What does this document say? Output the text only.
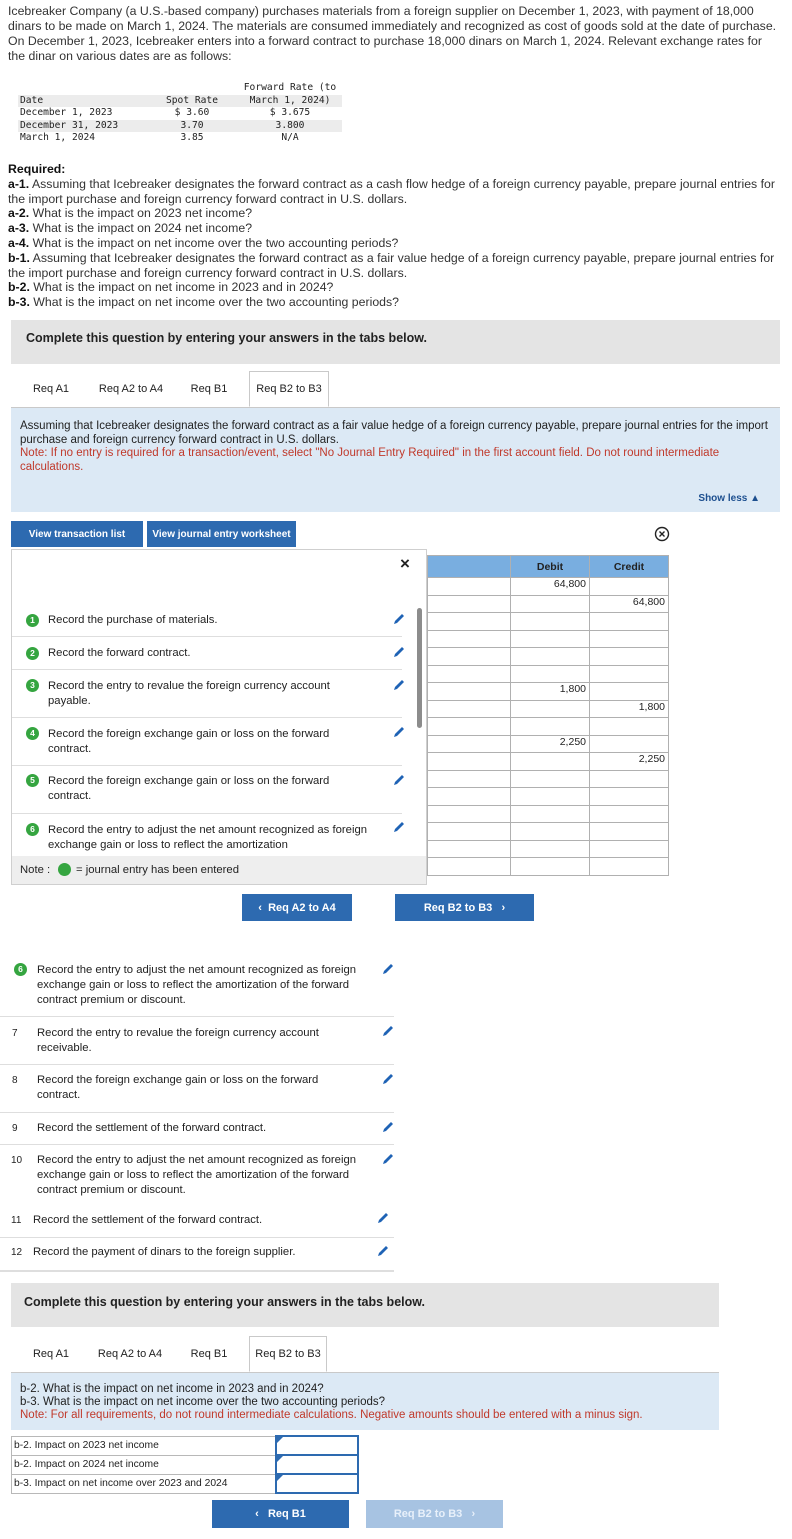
Icebreaker Company (a U.S.-based company) purchases materials from a foreign supplier on December 1, 2023, with payment of 18,000 dinars to be made on March 1, 2024. The materials are consumed immediately and recognized as cost of goods sold at the date of purchase. On December 1, 2023, Icebreaker enters into a forward contract to purchase 18,000 dinars on March 1, 2024. Relevant exchange rates for the dinar on various dates are as follows:
		Forward Rate (to
Date	Spot Rate	March 1, 2024)
December 1, 2023	$ 3.60	$ 3.675
December 31, 2023	3.70	3.800
March 1, 2024	3.85	N/A
Required:
a-1. Assuming that Icebreaker designates the forward contract as a cash flow hedge of a foreign currency payable, prepare journal entries for the import purchase and foreign currency forward contract in U.S. dollars.
a-2. What is the impact on 2023 net income?
a-3. What is the impact on 2024 net income?
a-4. What is the impact on net income over the two accounting periods?
b-1. Assuming that Icebreaker designates the forward contract as a fair value hedge of a foreign currency payable, prepare journal entries for the import purchase and foreign currency forward contract in U.S. dollars.
b-2. What is the impact on net income in 2023 and in 2024?
b-3. What is the impact on net income over the two accounting periods?
Complete this question by entering your answers in the tabs below.
Req A1	Req A2 to A4	Req B1	Req B2 to B3
Assuming that Icebreaker designates the forward contract as a fair value hedge of a foreign currency payable, prepare journal entries for the import purchase and foreign currency forward contract in U.S. dollars.
Note: If no entry is required for a transaction/event, select "No Journal Entry Required" in the first account field. Do not round intermediate calculations.
Show less ▲
View transaction list	View journal entry worksheet
×
1	Record the purchase of materials.
2	Record the forward contract.
3	Record the entry to revalue the foreign currency account payable.
4	Record the foreign exchange gain or loss on the forward contract.
5	Record the foreign exchange gain or loss on the forward contract.
6	Record the entry to adjust the net amount recognized as foreign exchange gain or loss to reflect the amortization
Note : = journal entry has been entered
	Debit	Credit
	64,800	
		64,800

	1,800	
		1,800

	2,250	
		2,250

‹ Req A2 to A4	Req B2 to B3 ›
6	Record the entry to adjust the net amount recognized as foreign exchange gain or loss to reflect the amortization of the forward contract premium or discount.
7 Record the entry to revalue the foreign currency account receivable.
8 Record the foreign exchange gain or loss on the forward contract.
9 Record the settlement of the forward contract.
10 Record the entry to adjust the net amount recognized as foreign exchange gain or loss to reflect the amortization of the forward contract premium or discount.
11 Record the settlement of the forward contract.
12 Record the payment of dinars to the foreign supplier.
Complete this question by entering your answers in the tabs below.
Req A1	Req A2 to A4	Req B1	Req B2 to B3
b-2. What is the impact on net income in 2023 and in 2024?
b-3. What is the impact on net income over the two accounting periods?
Note: For all requirements, do not round intermediate calculations. Negative amounts should be entered with a minus sign.
b-2. Impact on 2023 net income	
b-2. Impact on 2024 net income	
b-3. Impact on net income over 2023 and 2024	
‹ Req B1	Req B2 to B3 ›
